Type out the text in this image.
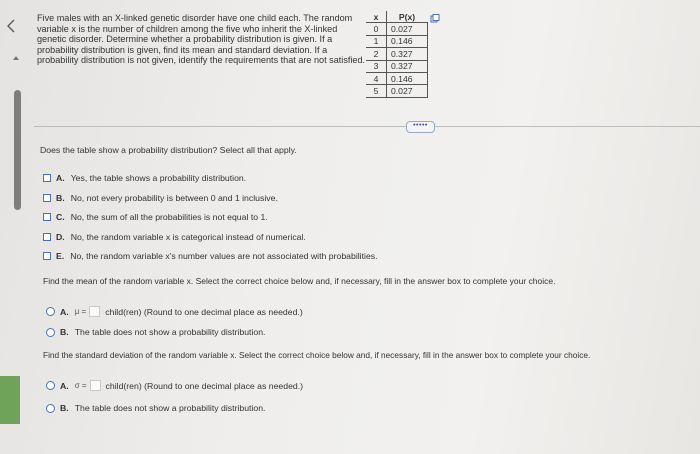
Five males with an X-linked genetic disorder have one child each. The random variable x is the number of children among the five who inherit the X-linked genetic disorder. Determine whether a probability distribution is given. If a probability distribution is given, find its mean and standard deviation. If a probability distribution is not given, identify the requirements that are not satisfied.
x	P(x)
0	0.027
1	0.146
2	0.327
3	0.327
4	0.146
5	0.027
•••••
Does the table show a probability distribution? Select all that apply.
A. Yes, the table shows a probability distribution.
B. No, not every probability is between 0 and 1 inclusive.
C. No, the sum of all the probabilities is not equal to 1.
D. No, the random variable x is categorical instead of numerical.
E. No, the random variable x's number values are not associated with probabilities.
Find the mean of the random variable x. Select the correct choice below and, if necessary, fill in the answer box to complete your choice.
A. μ = child(ren) (Round to one decimal place as needed.)
B. The table does not show a probability distribution.
Find the standard deviation of the random variable x. Select the correct choice below and, if necessary, fill in the answer box to complete your choice.
A. σ = child(ren) (Round to one decimal place as needed.)
B. The table does not show a probability distribution.
